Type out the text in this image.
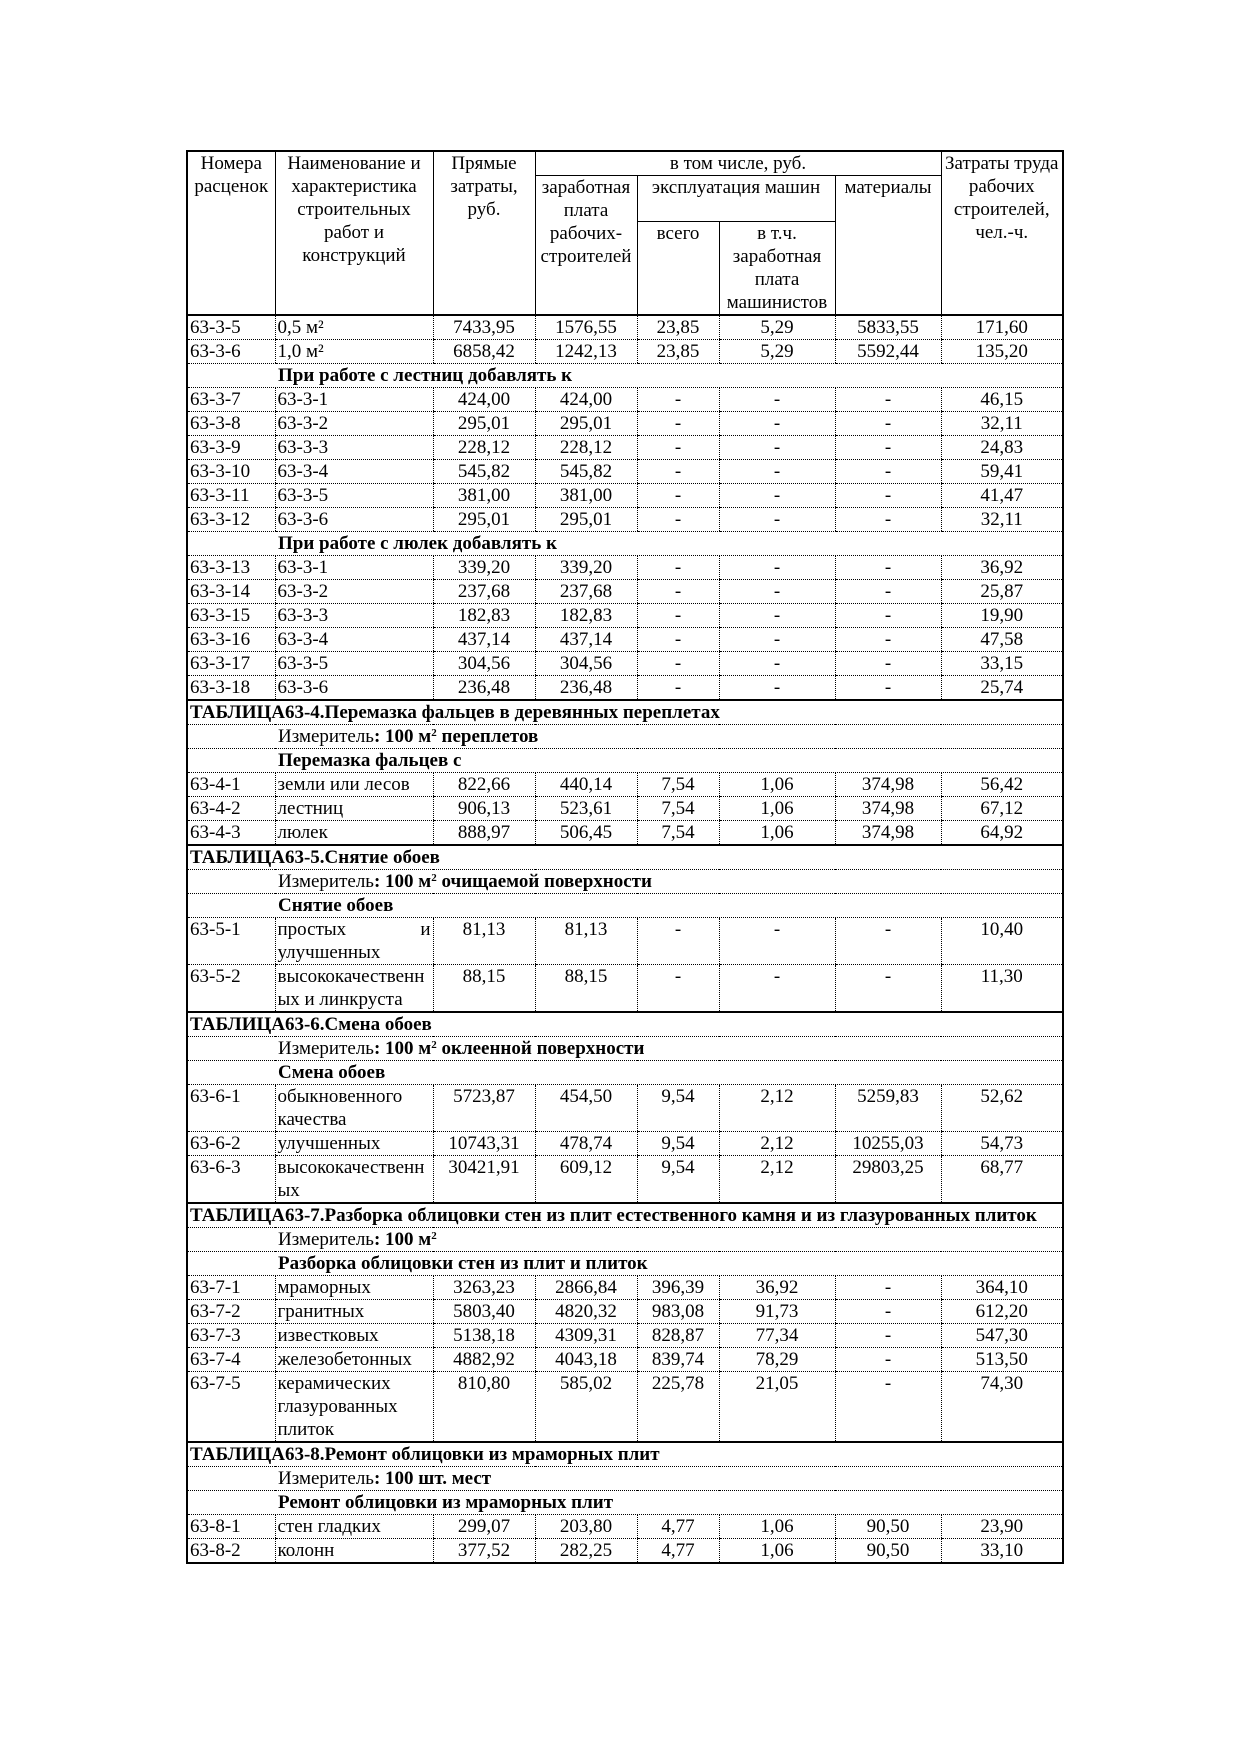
Номера расценок	Наименование и характеристика строительных работ и конструкций	Прямые затраты, руб.	в том числе, руб.				Затраты труда рабочих строителей, чел.-ч.
			заработная плата рабочих-строителей	эксплуатация машин		материалы	
				всего	в т.ч. заработная плата машинистов		
63-3-5	0,5 м²	7433,95	1576,55	23,85	5,29	5833,55	171,60
63-3-6	1,0 м²	6858,42	1242,13	23,85	5,29	5592,44	135,20
При работе с лестниц добавлять к							
63-3-7	63-3-1	424,00	424,00	-	-	-	46,15
63-3-8	63-3-2	295,01	295,01	-	-	-	32,11
63-3-9	63-3-3	228,12	228,12	-	-	-	24,83
63-3-10	63-3-4	545,82	545,82	-	-	-	59,41
63-3-11	63-3-5	381,00	381,00	-	-	-	41,47
63-3-12	63-3-6	295,01	295,01	-	-	-	32,11
При работе с люлек добавлять к							
63-3-13	63-3-1	339,20	339,20	-	-	-	36,92
63-3-14	63-3-2	237,68	237,68	-	-	-	25,87
63-3-15	63-3-3	182,83	182,83	-	-	-	19,90
63-3-16	63-3-4	437,14	437,14	-	-	-	47,58
63-3-17	63-3-5	304,56	304,56	-	-	-	33,15
63-3-18	63-3-6	236,48	236,48	-	-	-	25,74
ТАБЛИЦА63-4.Перемазка фальцев в деревянных переплетах							
Измеритель: 100 $м^2$ переплетов							
Перемазка фальцев с							
63-4-1	земли или лесов	822,66	440,14	7,54	1,06	374,98	56,42
63-4-2	лестниц	906,13	523,61	7,54	1,06	374,98	67,12
63-4-3	люлек	888,97	506,45	7,54	1,06	374,98	64,92
ТАБЛИЦА63-5.Снятие обоев							
Измеритель: 100 $м^2$ очищаемой поверхности							
Снятие обоев							
63-5-1	простых и улучшенных	81,13	81,13	-	-	-	10,40
63-5-2	высококачественных и линкруста	88,15	88,15	-	-	-	11,30
ТАБЛИЦА63-6.Смена обоев							
Измеритель: 100 $м^2$ оклеенной поверхности							
Смена обоев							
63-6-1	обыкновенного качества	5723,87	454,50	9,54	2,12	5259,83	52,62
63-6-2	улучшенных	10743,31	478,74	9,54	2,12	10255,03	54,73
63-6-3	высококачественных	30421,91	609,12	9,54	2,12	29803,25	68,77
ТАБЛИЦА63-7.Разборка облицовки стен из плит естественного камня и из глазурованных плиток							
Измеритель: 100 $м^2$
Разборка облицовки стен из плит и плиток							
63-7-1	мраморных	3263,23	2866,84	396,39	36,92	-	364,10
63-7-2	гранитных	5803,40	4820,32	983,08	91,73	-	612,20
63-7-3	известковых	5138,18	4309,31	828,87	77,34	-	547,30
63-7-4	железобетонных	4882,92	4043,18	839,74	78,29	-	513,50
63-7-5	керамических глазурованных плиток	810,80	585,02	225,78	21,05	-	74,30
ТАБЛИЦА63-8.Ремонт облицовки из мраморных плит							
Измеритель: 100 шт. мест							
Ремонт облицовки из мраморных плит							
63-8-1	стен гладких	299,07	203,80	4,77	1,06	90,50	23,90
63-8-2	колонн	377,52	282,25	4,77	1,06	90,50	33,10
